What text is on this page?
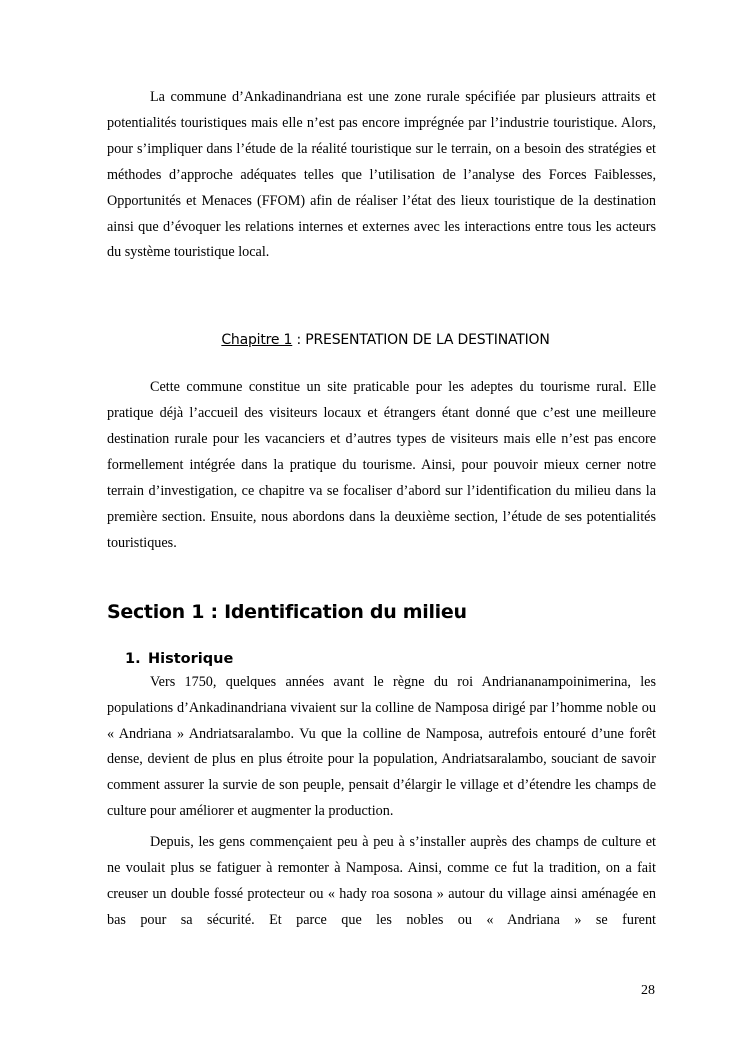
La commune d’Ankadinandriana est une zone rurale spécifiée par plusieurs attraits et potentialités touristiques mais elle n’est pas encore imprégnée par l’industrie touristique. Alors, pour s’impliquer dans l’étude de la réalité touristique sur le terrain, on a besoin des stratégies et méthodes d’approche adéquates telles que l’utilisation de l’analyse des Forces Faiblesses, Opportunités et Menaces (FFOM) afin de réaliser l’état des lieux touristique de la destination ainsi que d’évoquer les relations internes et externes avec les interactions entre tous les acteurs du système touristique local.

Chapitre 1 : PRESENTATION DE LA DESTINATION

Cette commune constitue un site praticable pour les adeptes du tourisme rural. Elle pratique déjà l’accueil des visiteurs locaux et étrangers étant donné que c’est une meilleure destination rurale pour les vacanciers et d’autres types de visiteurs mais elle n’est pas encore formellement intégrée dans la pratique du tourisme. Ainsi, pour pouvoir mieux cerner notre terrain d’investigation, ce chapitre va se focaliser d’abord sur l’identification du milieu dans la première section. Ensuite, nous abordons dans la deuxième section, l’étude de ses potentialités touristiques.

Section 1 : Identification du milieu
1. Historique

Vers 1750, quelques années avant le règne du roi Andriananampoinimerina, les populations d’Ankadinandriana vivaient sur la colline de Namposa dirigé par l’homme noble ou « Andriana » Andriatsaralambo. Vu que la colline de Namposa, autrefois entouré d’une forêt dense, devient de plus en plus étroite pour la population, Andriatsaralambo, souciant de savoir comment assurer la survie de son peuple, pensait d’élargir le village et d’étendre les champs de culture pour améliorer et augmenter la production.

Depuis, les gens commençaient peu à peu à s’installer auprès des champs de culture et ne voulait plus se fatiguer à remonter à Namposa. Ainsi, comme ce fut la tradition, on a fait creuser un double fossé protecteur ou « hady roa sosona » autour du village ainsi aménagée en bas pour sa sécurité. Et parce que les nobles ou « Andriana » se furent

28
